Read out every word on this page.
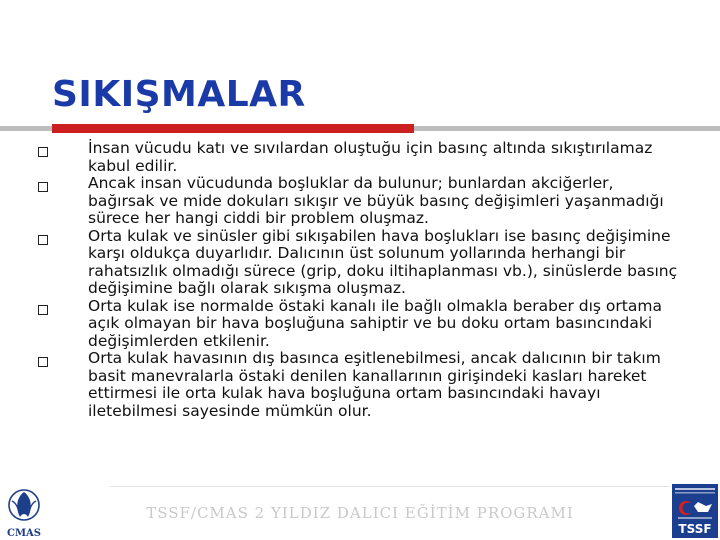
SIKIŞMALAR
İnsan vücudu katı ve sıvılardan oluştuğu için basınç altında sıkıştırılamaz kabul edilir.
Ancak insan vücudunda boşluklar da bulunur; bunlardan akciğerler, bağırsak ve mide dokuları sıkışır ve büyük basınç değişimleri yaşanmadığı sürece her hangi ciddi bir problem oluşmaz.
Orta kulak ve sinüsler gibi sıkışabilen hava boşlukları ise basınç değişimine karşı oldukça duyarlıdır. Dalıcının üst solunum yollarında herhangi bir rahatsızlık olmadığı sürece (grip, doku iltihaplanması vb.), sinüslerde basınç değişimine bağlı olarak sıkışma oluşmaz.
Orta kulak ise normalde östaki kanalı ile bağlı olmakla beraber dış ortama açık olmayan bir hava boşluğuna sahiptir ve bu doku ortam basıncındaki değişimlerden etkilenir.
Orta kulak havasının dış basınca eşitlenebilmesi, ancak dalıcının bir takım basit manevralarla östaki denilen kanallarının girişindeki kasları hareket ettirmesi ile orta kulak hava boşluğuna ortam basıncındaki havayı iletebilmesi sayesinde mümkün olur.
TSSF/CMAS 2 YILDIZ DALICI EĞİTİM PROGRAMI
CMAS	TSSF
